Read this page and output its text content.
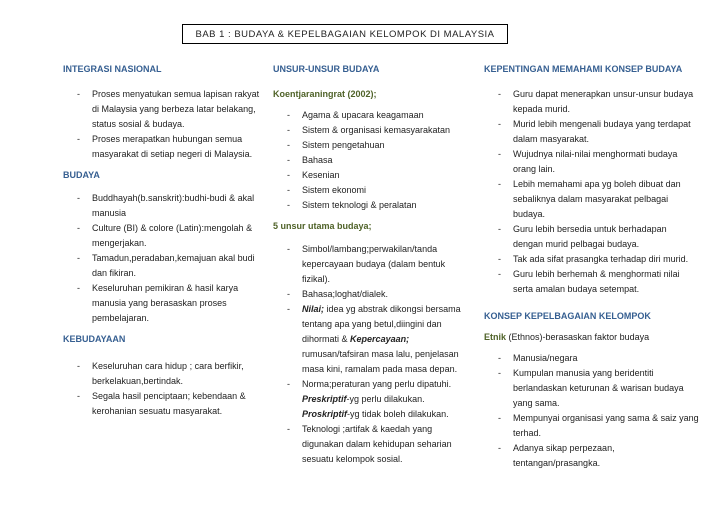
BAB 1 : BUDAYA & KEPELBAGAIAN KELOMPOK DI MALAYSIA

INTEGRASI NASIONAL

- Proses menyatukan semua lapisan rakyat di Malaysia yang berbeza latar belakang, status sosial & budaya.
- Proses merapatkan hubungan semua masyarakat di setiap negeri di Malaysia.

BUDAYA

- Buddhayah(b.sanskrit):budhi-budi & akal manusia
- Culture (BI) & colore (Latin):mengolah & mengerjakan.
- Tamadun,peradaban,kemajuan akal budi dan fikiran.
- Keseluruhan pemikiran & hasil karya manusia yang berasaskan proses pembelajaran.

KEBUDAYAAN

- Keseluruhan cara hidup ; cara berfikir, berkelakuan,bertindak.
- Segala hasil penciptaan; kebendaan & kerohanian sesuatu masyarakat.

UNSUR-UNSUR BUDAYA

Koentjaraningrat (2002);

- Agama & upacara keagamaan
- Sistem & organisasi kemasyarakatan
- Sistem pengetahuan
- Bahasa
- Kesenian
- Sistem ekonomi
- Sistem teknologi & peralatan

5 unsur utama budaya;

- Simbol/lambang;perwakilan/tanda kepercayaan budaya (dalam bentuk fizikal).
- Bahasa;loghat/dialek.
- Nilai; idea yg abstrak dikongsi bersama tentang apa yang betul,diingini dan dihormati & Kepercayaan; rumusan/tafsiran masa lalu, penjelasan masa kini, ramalam pada masa depan.
- Norma;peraturan yang perlu dipatuhi.
Preskriptif-yg perlu dilakukan.
Proskriptif-yg tidak boleh dilakukan.
- Teknologi ;artifak & kaedah yang digunakan dalam kehidupan seharian sesuatu kelompok sosial.

KEPENTINGAN MEMAHAMI KONSEP BUDAYA

- Guru dapat menerapkan unsur-unsur budaya kepada murid.
- Murid lebih mengenali budaya yang terdapat dalam masyarakat.
- Wujudnya nilai-nilai menghormati budaya orang lain.
- Lebih memahami apa yg boleh dibuat dan sebaliknya dalam masyarakat pelbagai budaya.
- Guru lebih bersedia untuk berhadapan dengan murid pelbagai budaya.
- Tak ada sifat prasangka terhadap diri murid.
- Guru lebih berhemah & menghormati nilai serta amalan budaya setempat.

KONSEP KEPELBAGAIAN KELOMPOK

Etnik (Ethnos)-berasaskan faktor budaya

- Manusia/negara
- Kumpulan manusia yang beridentiti berlandaskan keturunan & warisan budaya yang sama.
- Mempunyai organisasi yang sama & saiz yang terhad.
- Adanya sikap perpezaan, tentangan/prasangka.
